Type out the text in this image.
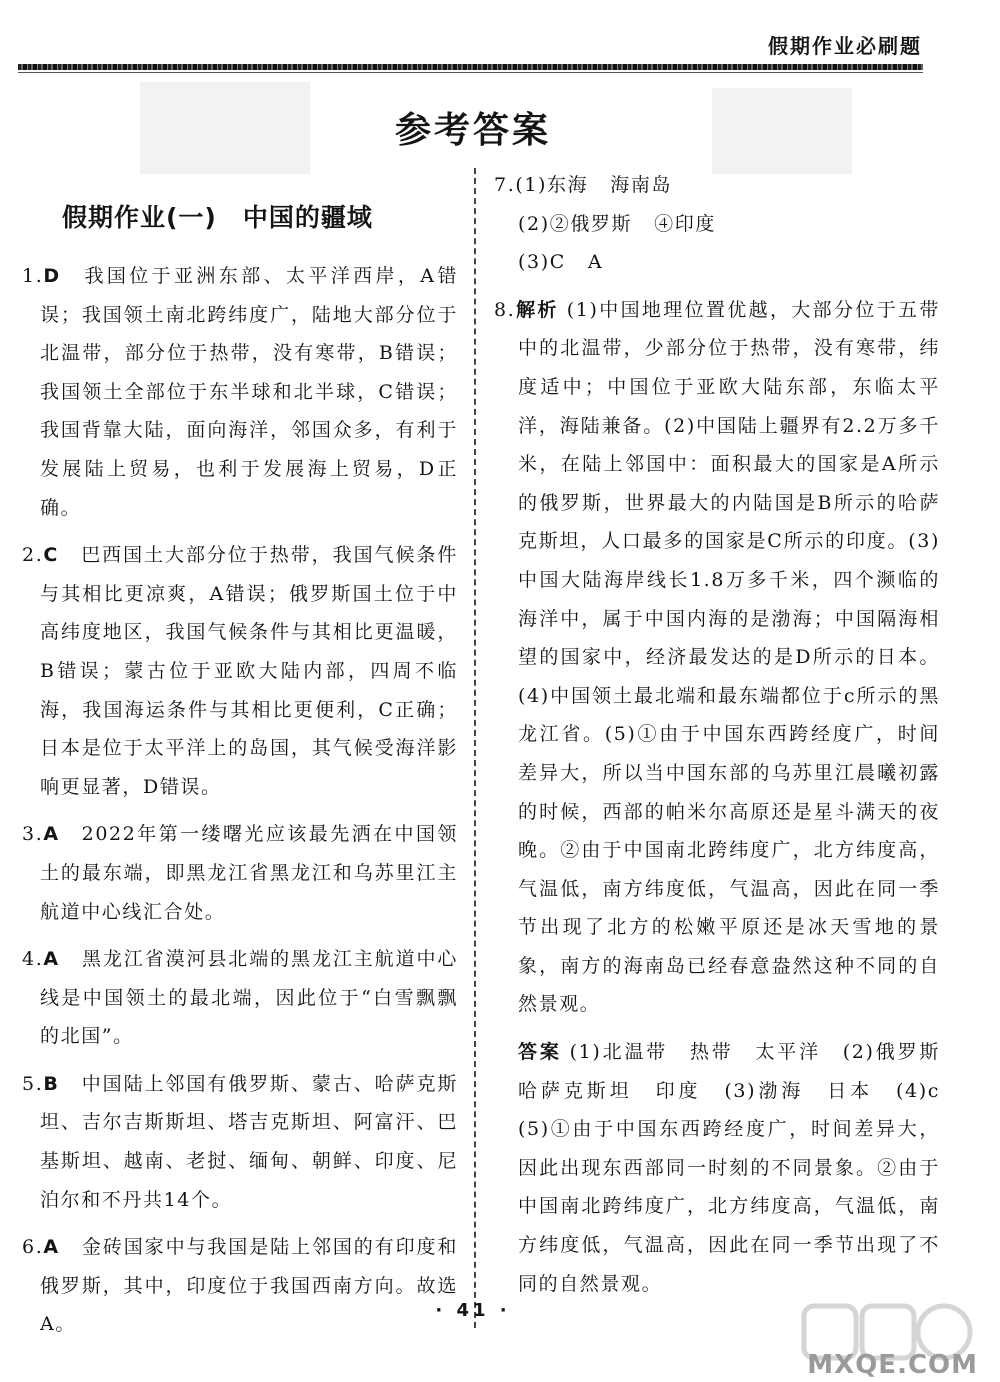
假期作业必刷题
参考答案
假期作业(一)　中国的疆域

1.D 我国位于亚洲东部、太平洋西岸，A错误；我国领土南北跨纬度广，陆地大部分位于北温带，部分位于热带，没有寒带，B错误；我国领土全部位于东半球和北半球，C错误；我国背靠大陆，面向海洋，邻国众多，有利于发展陆上贸易，也利于发展海上贸易，D正确。

2.C 巴西国土大部分位于热带，我国气候条件与其相比更凉爽，A错误；俄罗斯国土位于中高纬度地区，我国气候条件与其相比更温暖，B错误；蒙古位于亚欧大陆内部，四周不临海，我国海运条件与其相比更便利，C正确；日本是位于太平洋上的岛国，其气候受海洋影响更显著，D错误。

3.A 2022年第一缕曙光应该最先洒在中国领土的最东端，即黑龙江省黑龙江和乌苏里江主航道中心线汇合处。

4.A 黑龙江省漠河县北端的黑龙江主航道中心线是中国领土的最北端，因此位于“白雪飘飘的北国”。

5.B 中国陆上邻国有俄罗斯、蒙古、哈萨克斯坦、吉尔吉斯斯坦、塔吉克斯坦、阿富汗、巴基斯坦、越南、老挝、缅甸、朝鲜、印度、尼泊尔和不丹共14个。

6.A 金砖国家中与我国是陆上邻国的有印度和俄罗斯，其中，印度位于我国西南方向。故选A。

7.(1)东海 海南岛

(2)②俄罗斯 ④印度

(3)C A

8.解析 (1)中国地理位置优越，大部分位于五带中的北温带，少部分位于热带，没有寒带，纬度适中；中国位于亚欧大陆东部，东临太平洋，海陆兼备。(2)中国陆上疆界有2.2万多千米，在陆上邻国中：面积最大的国家是A所示的俄罗斯，世界最大的内陆国是B所示的哈萨克斯坦，人口最多的国家是C所示的印度。(3)中国大陆海岸线长1.8万多千米，四个濒临的海洋中，属于中国内海的是渤海；中国隔海相望的国家中，经济最发达的是D所示的日本。(4)中国领土最北端和最东端都位于c所示的黑龙江省。(5)①由于中国东西跨经度广，时间差异大，所以当中国东部的乌苏里江晨曦初露的时候，西部的帕米尔高原还是星斗满天的夜晚。②由于中国南北跨纬度广，北方纬度高，气温低，南方纬度低，气温高，因此在同一季节出现了北方的松嫩平原还是冰天雪地的景象，南方的海南岛已经春意盎然这种不同的自然景观。

答案 (1)北温带　热带　太平洋　(2)俄罗斯　哈萨克斯坦　印度　(3)渤海　日本　(4)c　(5)①由于中国东西跨经度广，时间差异大，因此出现东西部同一时刻的不同景象。②由于中国南北跨纬度广，北方纬度高，气温低，南方纬度低，气温高，因此在同一季节出现了不同的自然景观。

· 41 ·
MXQE.COM
